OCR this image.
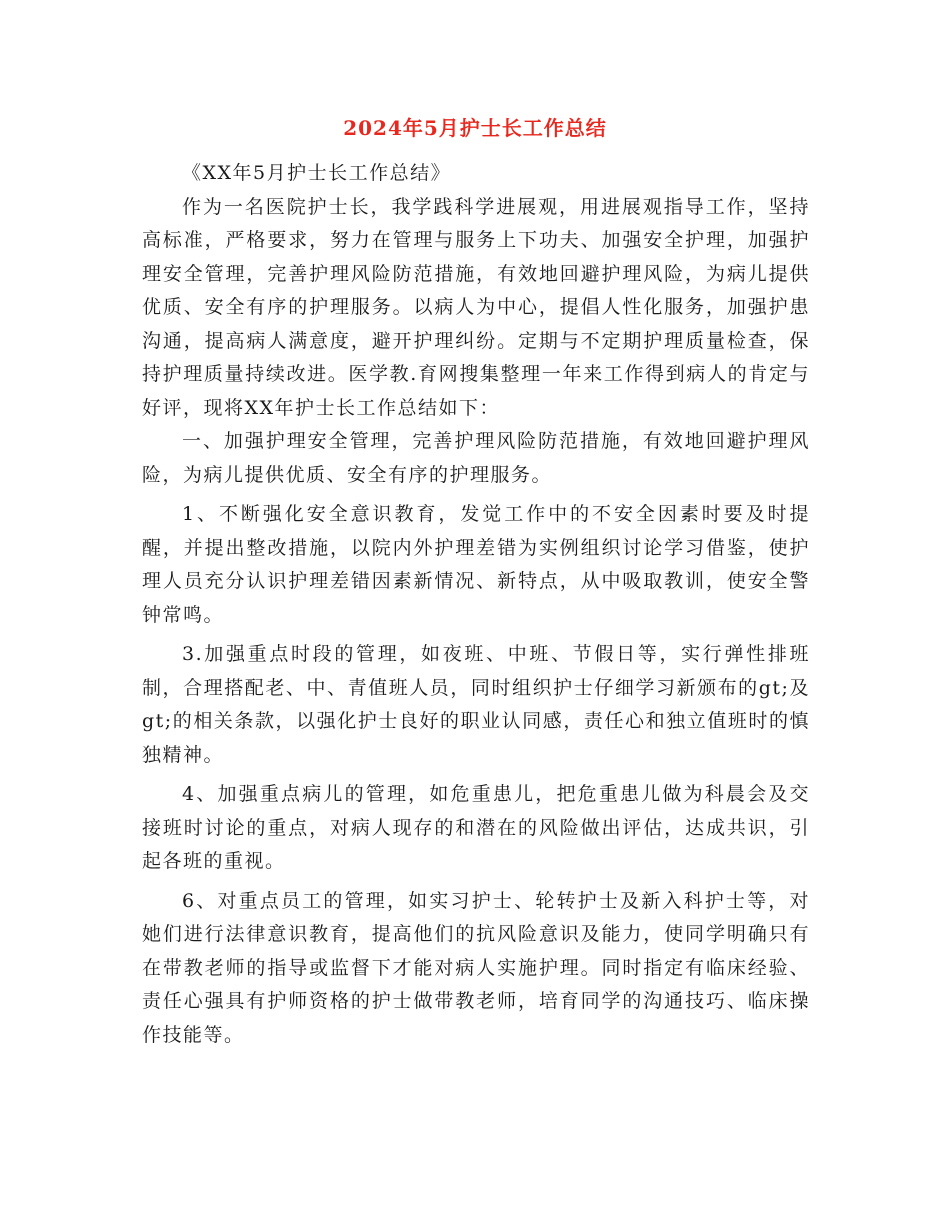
2024年5月护士长工作总结

《XX年5月护士长工作总结》

作为一名医院护士长，我学践科学进展观，用进展观指导工作，坚持高标准，严格要求，努力在管理与服务上下功夫、加强安全护理，加强护理安全管理，完善护理风险防范措施，有效地回避护理风险，为病儿提供优质、安全有序的护理服务。以病人为中心，提倡人性化服务，加强护患沟通，提高病人满意度，避开护理纠纷。定期与不定期护理质量检查，保持护理质量持续改进。医学教.育网搜集整理一年来工作得到病人的肯定与好评，现将XX年护士长工作总结如下：

一、加强护理安全管理，完善护理风险防范措施，有效地回避护理风险，为病儿提供优质、安全有序的护理服务。

1、不断强化安全意识教育，发觉工作中的不安全因素时要及时提醒，并提出整改措施，以院内外护理差错为实例组织讨论学习借鉴，使护理人员充分认识护理差错因素新情况、新特点，从中吸取教训，使安全警钟常鸣。

3.加强重点时段的管理，如夜班、中班、节假日等，实行弹性排班制，合理搭配老、中、青值班人员，同时组织护士仔细学习新颁布的gt;及gt;的相关条款，以强化护士良好的职业认同感，责任心和独立值班时的慎独精神。

4、加强重点病儿的管理，如危重患儿，把危重患儿做为科晨会及交接班时讨论的重点，对病人现存的和潜在的风险做出评估，达成共识，引起各班的重视。

6、对重点员工的管理，如实习护士、轮转护士及新入科护士等，对她们进行法律意识教育，提高他们的抗风险意识及能力，使同学明确只有在带教老师的指导或监督下才能对病人实施护理。同时指定有临床经验、责任心强具有护师资格的护士做带教老师，培育同学的沟通技巧、临床操作技能等。
